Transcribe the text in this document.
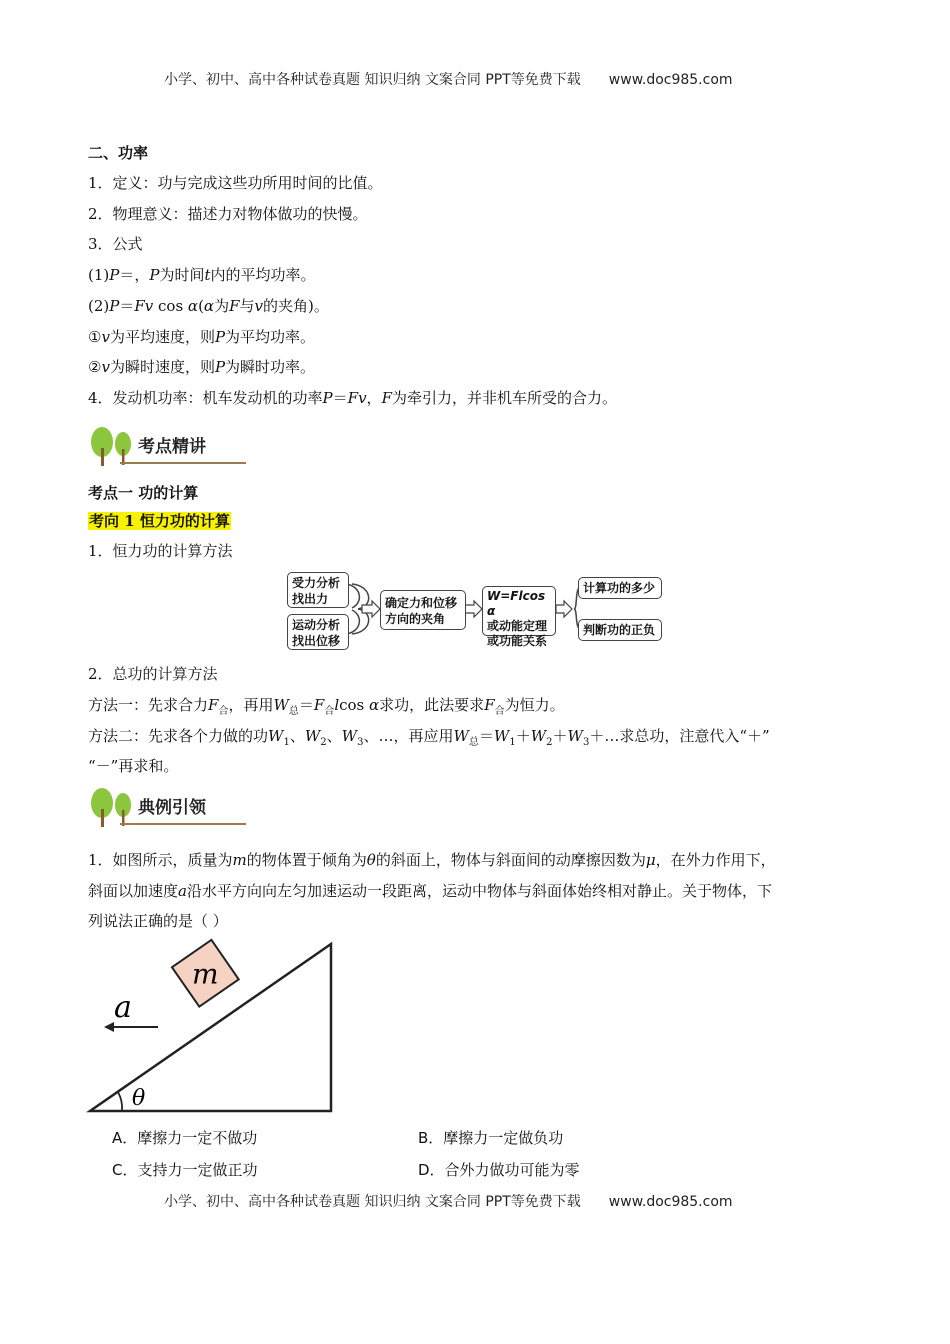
小学、初中、高中各种试卷真题 知识归纳 文案合同 PPT等免费下载 www.doc985.com
二、功率
1．定义：功与完成这些功所用时间的比值。
2．物理意义：描述力对物体做功的快慢。
3．公式
(1)P＝，P为时间t内的平均功率。
(2)P＝Fv cos α(α为F与v的夹角)。
①v为平均速度，则P为平均功率。
②v为瞬时速度，则P为瞬时功率。
4．发动机功率：机车发动机的功率P＝Fv，F为牵引力，并非机车所受的合力。
考点精讲
考点一 功的计算
考向 1 恒力功的计算
1．恒力功的计算方法
受力分析
找出力
运动分析
找出位移
确定力和位移
方向的夹角
W=Flcos α
或动能定理
或功能关系
计算功的多少
判断功的正负
2．总功的计算方法
方法一：先求合力$F_合$，再用$W_总=F_合lcos$ α求功，此法要求$F_合$为恒力。
方法二：先求各个力做的功$W_1$、$W_2$、$W_3$、…，再应用$W_总=W_1+W_2+W_3+\dots$求总功，注意代入“＋”
“－”再求和。
典例引领
1．如图所示，质量为m的物体置于倾角为θ的斜面上，物体与斜面间的动摩擦因数为μ，在外力作用下，
斜面以加速度a沿水平方向向左匀加速运动一段距离，运动中物体与斜面体始终相对静止。关于物体，下
列说法正确的是（ ）
m
a
θ
A．摩擦力一定不做功	B．摩擦力一定做负功
C．支持力一定做正功	D．合外力做功可能为零
小学、初中、高中各种试卷真题 知识归纳 文案合同 PPT等免费下载 www.doc985.com
